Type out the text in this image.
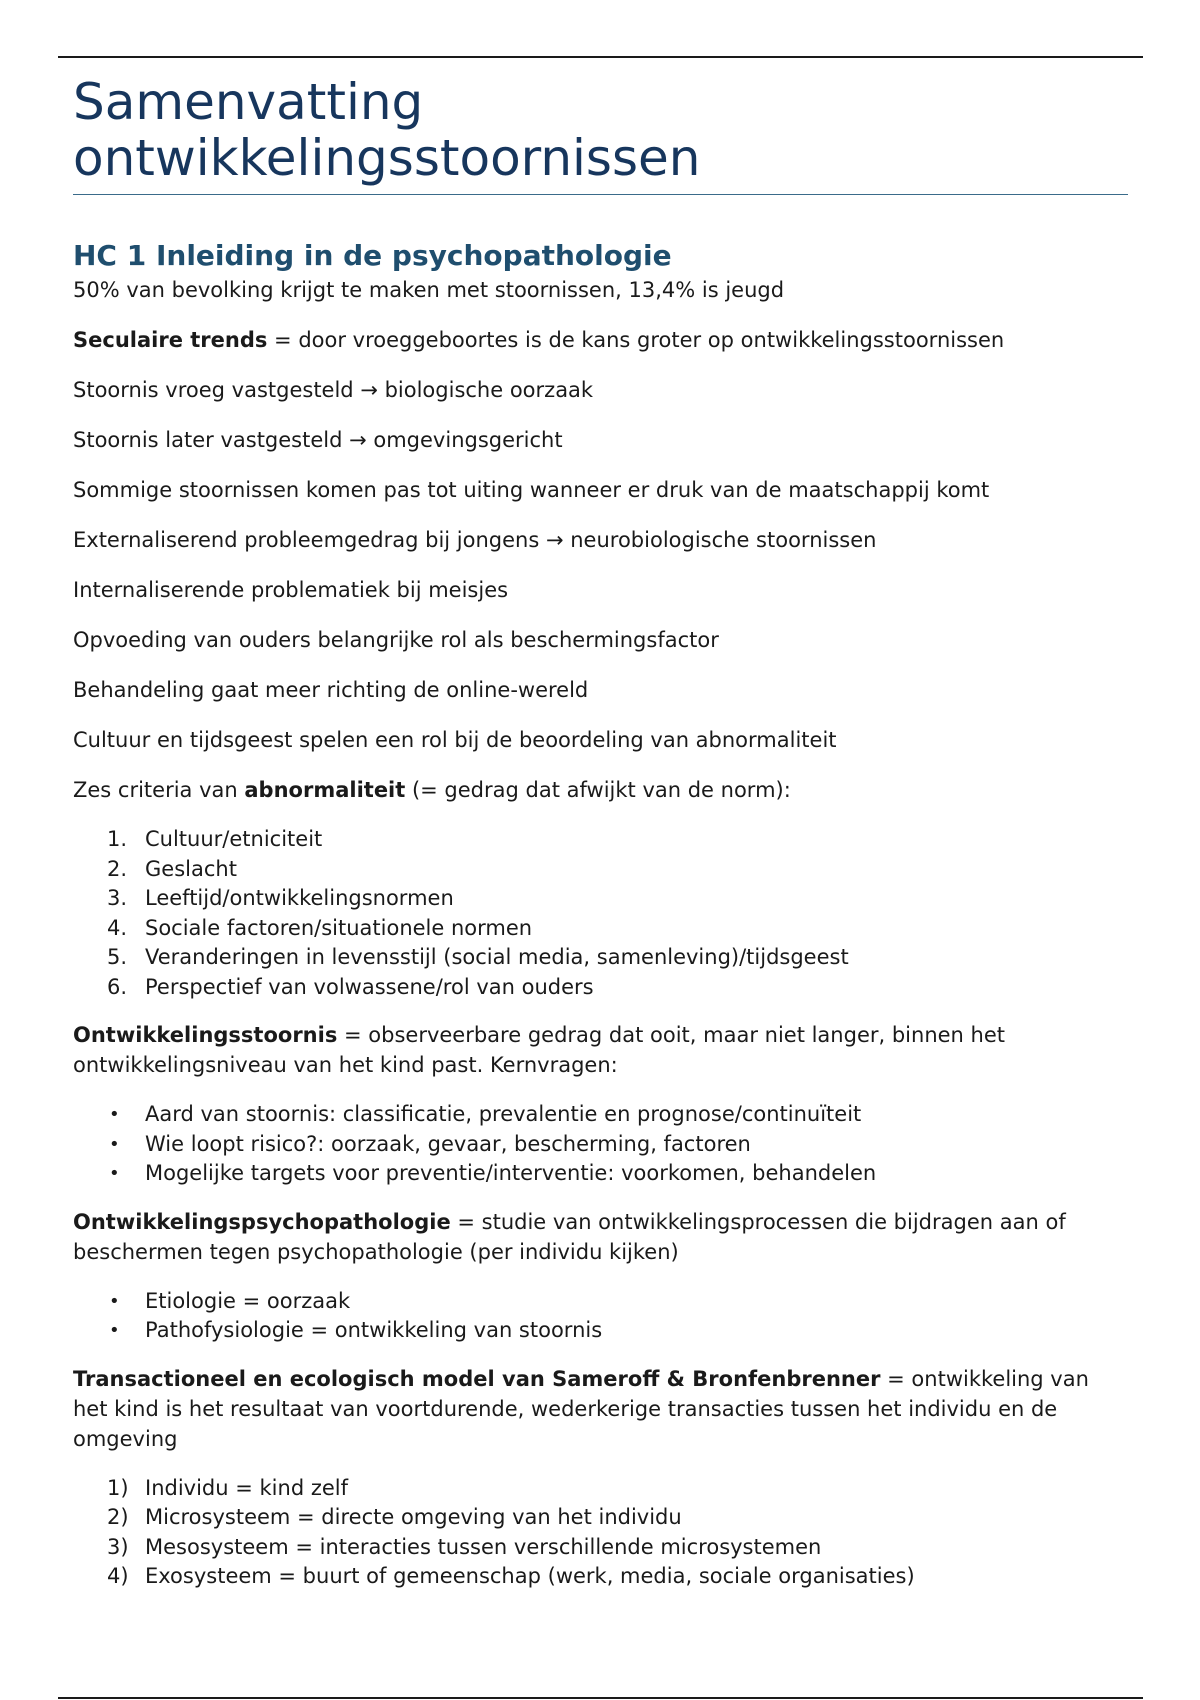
Samenvatting
ontwikkelingsstoornissen
HC 1 Inleiding in de psychopathologie

50% van bevolking krijgt te maken met stoornissen, 13,4% is jeugd

Seculaire trends = door vroeggeboortes is de kans groter op ontwikkelingsstoornissen

Stoornis vroeg vastgesteld → biologische oorzaak

Stoornis later vastgesteld → omgevingsgericht

Sommige stoornissen komen pas tot uiting wanneer er druk van de maatschappij komt

Externaliserend probleemgedrag bij jongens → neurobiologische stoornissen

Internaliserende problematiek bij meisjes

Opvoeding van ouders belangrijke rol als beschermingsfactor

Behandeling gaat meer richting de online-wereld

Cultuur en tijdsgeest spelen een rol bij de beoordeling van abnormaliteit

Zes criteria van abnormaliteit (= gedrag dat afwijkt van de norm):

1. Cultuur/etniciteit
2. Geslacht
3. Leeftijd/ontwikkelingsnormen
4. Sociale factoren/situationele normen
5. Veranderingen in levensstijl (social media, samenleving)/tijdsgeest
6. Perspectief van volwassene/rol van ouders

Ontwikkelingsstoornis = observeerbare gedrag dat ooit, maar niet langer, binnen het ontwikkelingsniveau van het kind past. Kernvragen:

•	Aard van stoornis: classificatie, prevalentie en prognose/continuïteit
•	Wie loopt risico?: oorzaak, gevaar, bescherming, factoren
•	Mogelijke targets voor preventie/interventie: voorkomen, behandelen

Ontwikkelingspsychopathologie = studie van ontwikkelingsprocessen die bijdragen aan of beschermen tegen psychopathologie (per individu kijken)

•	Etiologie = oorzaak
•	Pathofysiologie = ontwikkeling van stoornis

Transactioneel en ecologisch model van Sameroff & Bronfenbrenner = ontwikkeling van het kind is het resultaat van voortdurende, wederkerige transacties tussen het individu en de omgeving

1) Individu = kind zelf
2) Microsysteem = directe omgeving van het individu
3) Mesosysteem = interacties tussen verschillende microsystemen
4) Exosysteem = buurt of gemeenschap (werk, media, sociale organisaties)
